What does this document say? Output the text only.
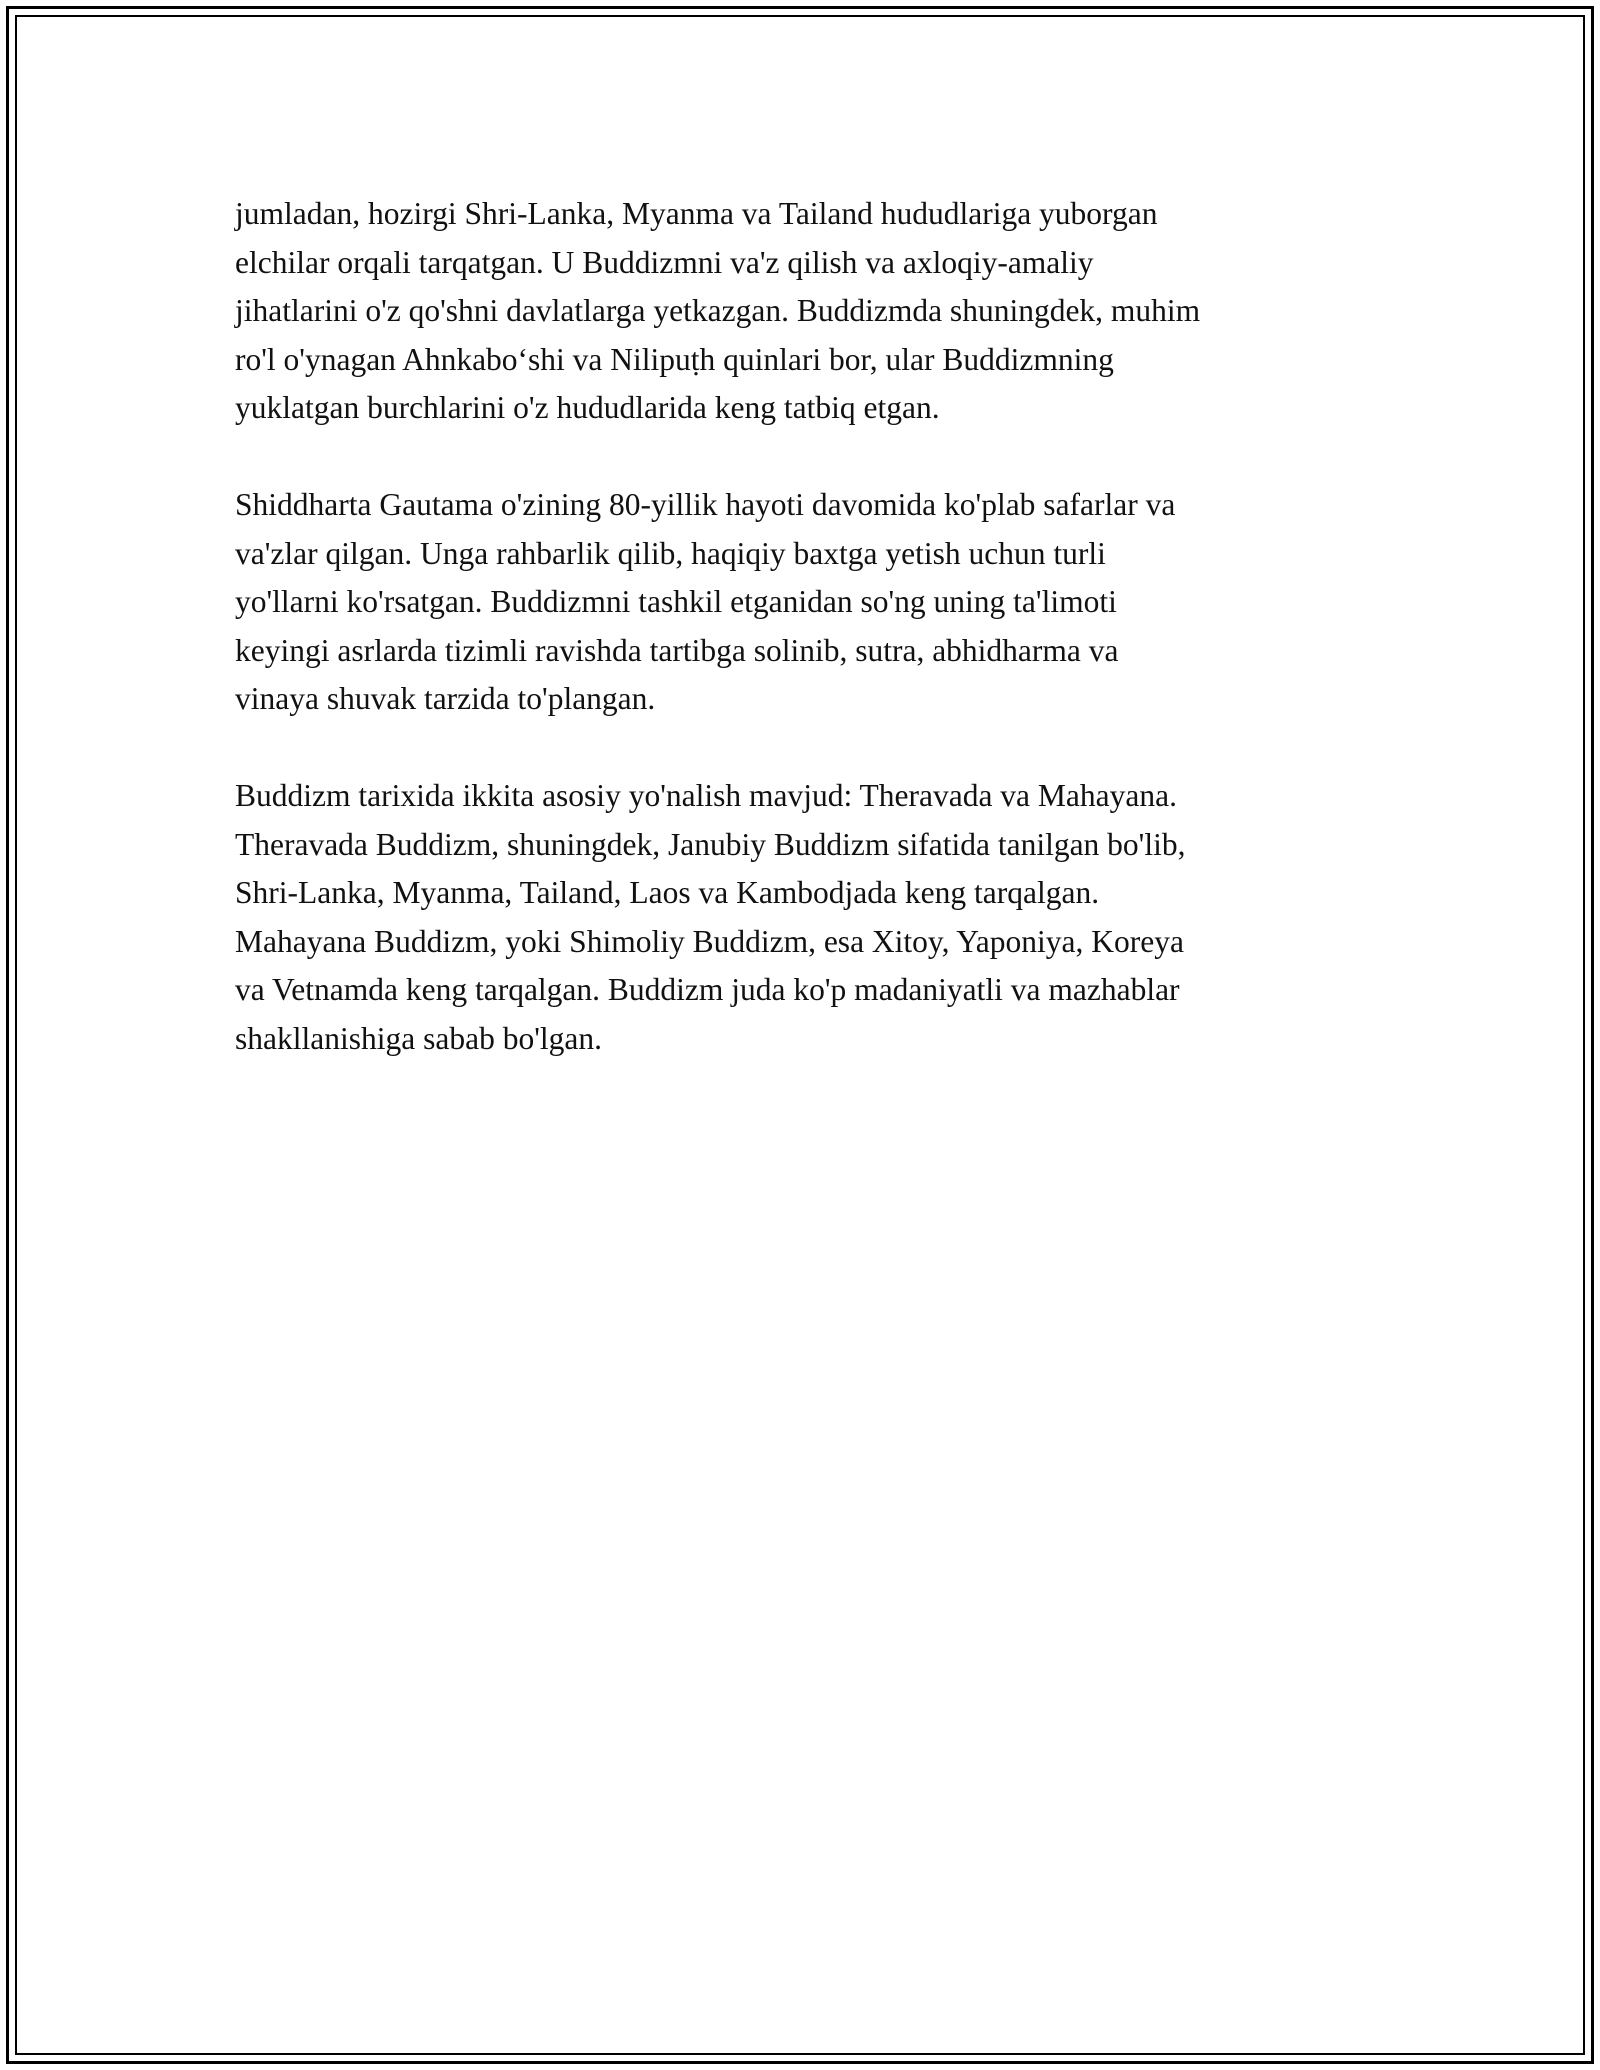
jumladan, hozirgi Shri-Lanka, Myanma va Tailand hududlariga yuborgan
elchilar orqali tarqatgan. U Buddizmni va'z qilish va axloqiy-amaliy
jihatlarini o'z qo'shni davlatlarga yetkazgan. Buddizmda shuningdek, muhim
ro'l o'ynagan Ahnkabo‘shi va Nilipuṭh quinlari bor, ular Buddizmning
yuklatgan burchlarini o'z hududlarida keng tatbiq etgan.

Shiddharta Gautama o'zining 80-yillik hayoti davomida ko'plab safarlar va
va'zlar qilgan. Unga rahbarlik qilib, haqiqiy baxtga yetish uchun turli
yo'llarni ko'rsatgan. Buddizmni tashkil etganidan so'ng uning ta'limoti
keyingi asrlarda tizimli ravishda tartibga solinib, sutra, abhidharma va
vinaya shuvak tarzida to'plangan.

Buddizm tarixida ikkita asosiy yo'nalish mavjud: Theravada va Mahayana.
Theravada Buddizm, shuningdek, Janubiy Buddizm sifatida tanilgan bo'lib,
Shri-Lanka, Myanma, Tailand, Laos va Kambodjada keng tarqalgan.
Mahayana Buddizm, yoki Shimoliy Buddizm, esa Xitoy, Yaponiya, Koreya
va Vetnamda keng tarqalgan. Buddizm juda ko'p madaniyatli va mazhablar
shakllanishiga sabab bo'lgan.
